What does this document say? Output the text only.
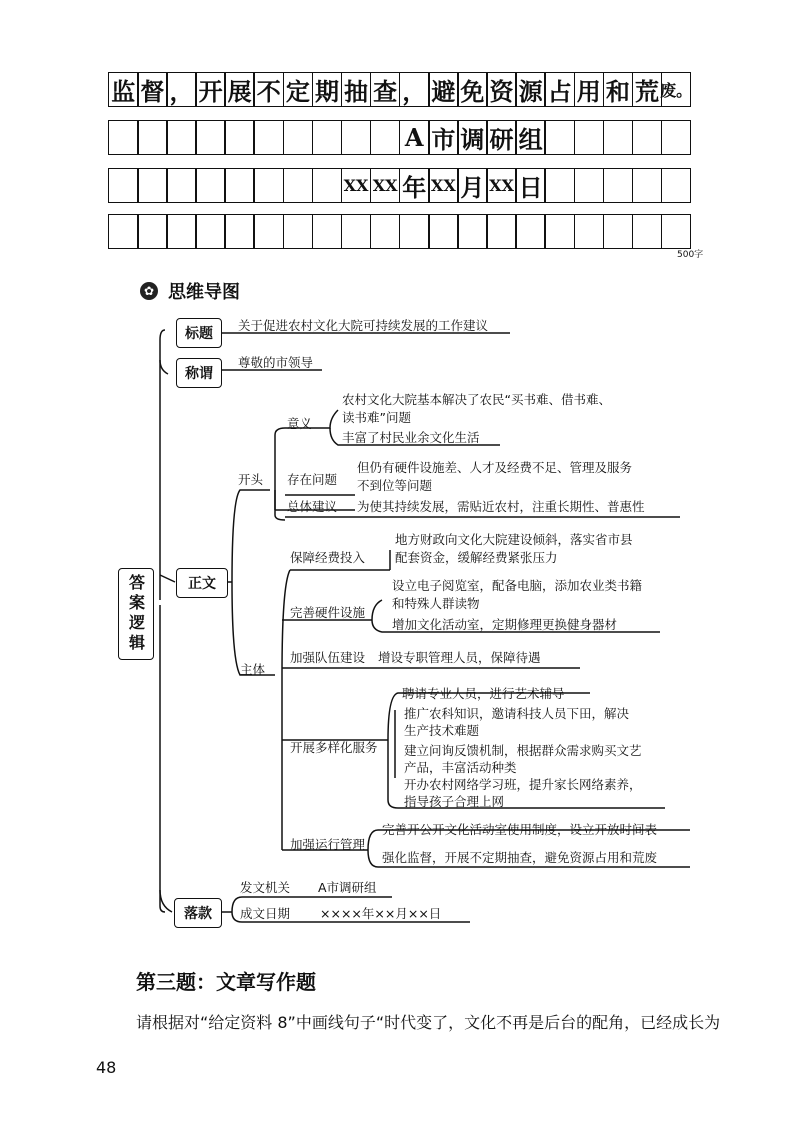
监 督 ， 开 展 不 定 期 抽 查 ， 避 免 资 源 占 用 和 荒 废。
A 市 调 研 组
XX XX 年 XX 月 XX 日
500字
✿ 思维导图
答案逻辑
标题
关于促进农村文化大院可持续发展的工作建议
称谓
尊敬的市领导
正文
落款
开头
意义
农村文化大院基本解决了农民“买书难、借书难、
读书难”问题
丰富了村民业余文化生活
存在问题
但仍有硬件设施差、人才及经费不足、管理及服务
不到位等问题
总体建议 为使其持续发展，需贴近农村，注重长期性、普惠性
主体
保障经费投入
地方财政向文化大院建设倾斜，落实省市县
配套资金，缓解经费紧张压力
完善硬件设施
设立电子阅览室，配备电脑，添加农业类书籍
和特殊人群读物
增加文化活动室，定期修理更换健身器材
加强队伍建设 增设专职管理人员，保障待遇
开展多样化服务
聘请专业人员，进行艺术辅导
推广农科知识，邀请科技人员下田，解决
生产技术难题
建立问询反馈机制，根据群众需求购买文艺
产品，丰富活动种类
开办农村网络学习班，提升家长网络素养，
指导孩子合理上网
加强运行管理
完善开公开文化活动室使用制度，设立开放时间表
强化监督，开展不定期抽查，避免资源占用和荒废
发文机关 A市调研组
成文日期 ××××年××月××日
第三题：文章写作题
请根据对“给定资料 8”中画线句子“时代变了，文化不再是后台的配角，已经成长为
48
